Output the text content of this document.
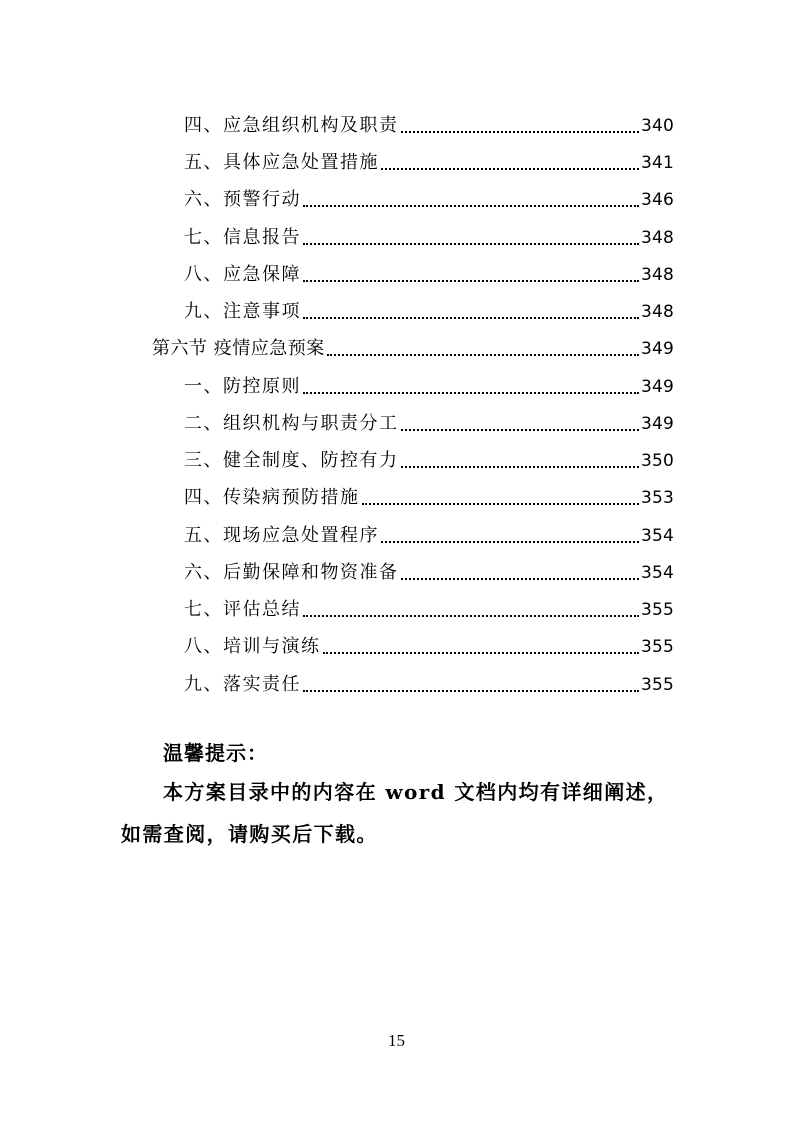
四、应急组织机构及职责	340
五、具体应急处置措施	341
六、预警行动	346
七、信息报告	348
八、应急保障	348
九、注意事项	348
第六节 疫情应急预案	349
一、防控原则	349
二、组织机构与职责分工	349
三、健全制度、防控有力	350
四、传染病预防措施	353
五、现场应急处置程序	354
六、后勤保障和物资准备	354
七、评估总结	355
八、培训与演练	355
九、落实责任	355
温馨提示：

本方案目录中的内容在 word 文档内均有详细阐述，如需查阅，请购买后下载。

15
